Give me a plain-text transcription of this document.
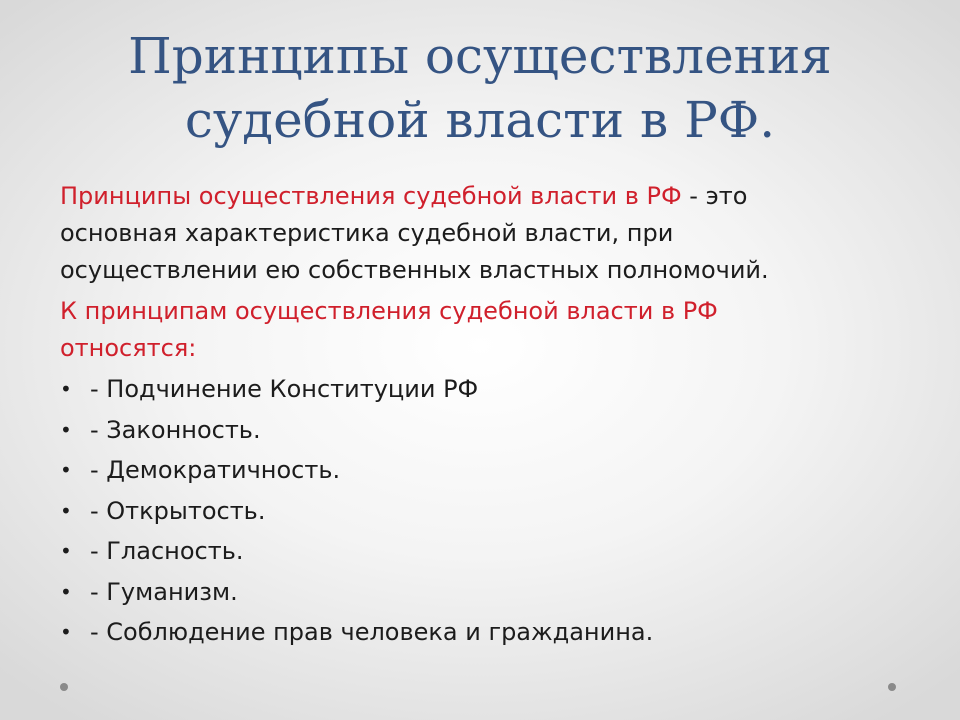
Принципы осуществления
судебной власти в РФ.

Принципы осуществления судебной власти в РФ - это
основная характеристика судебной власти, при
осуществлении ею собственных властных полномочий.

К принципам осуществления судебной власти в РФ
относятся:

• - Подчинение Конституции РФ
• - Законность.
• - Демократичность.
• - Открытость.
• - Гласность.
• - Гуманизм.
• - Соблюдение прав человека и гражданина.
